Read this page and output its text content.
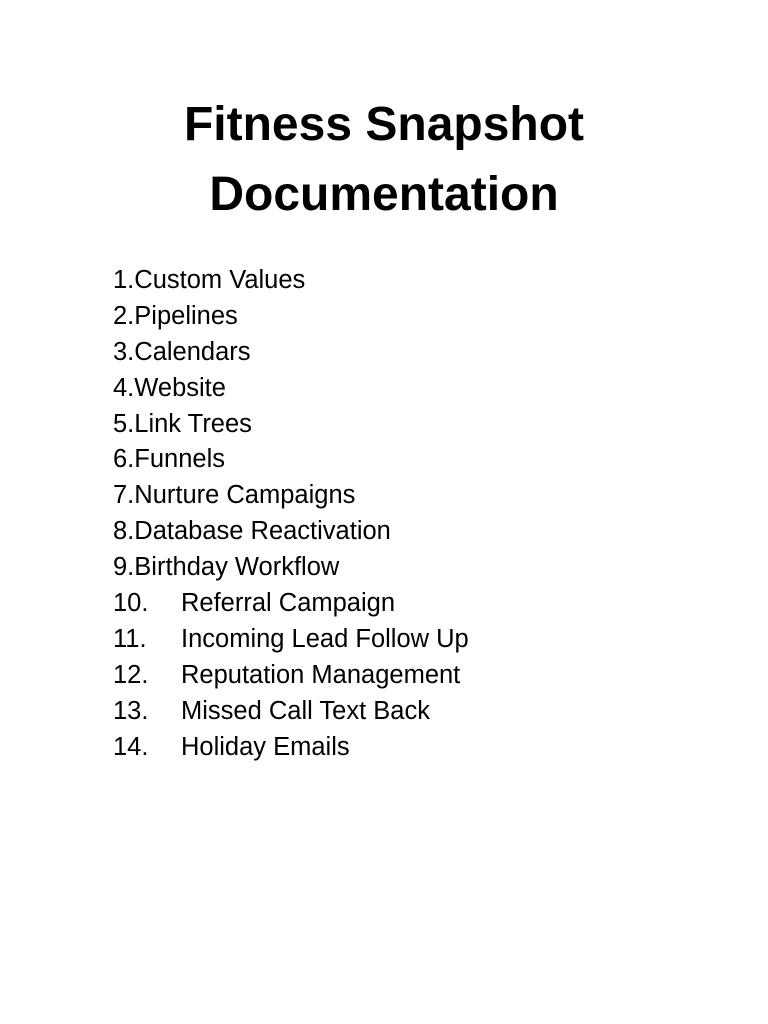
Fitness Snapshot
Documentation
1.Custom Values
2.Pipelines
3.Calendars
4.Website
5.Link Trees
6.Funnels
7.Nurture Campaigns
8.Database Reactivation
9.Birthday Workflow
10. Referral Campaign
11. Incoming Lead Follow Up
12. Reputation Management
13. Missed Call Text Back
14. Holiday Emails
